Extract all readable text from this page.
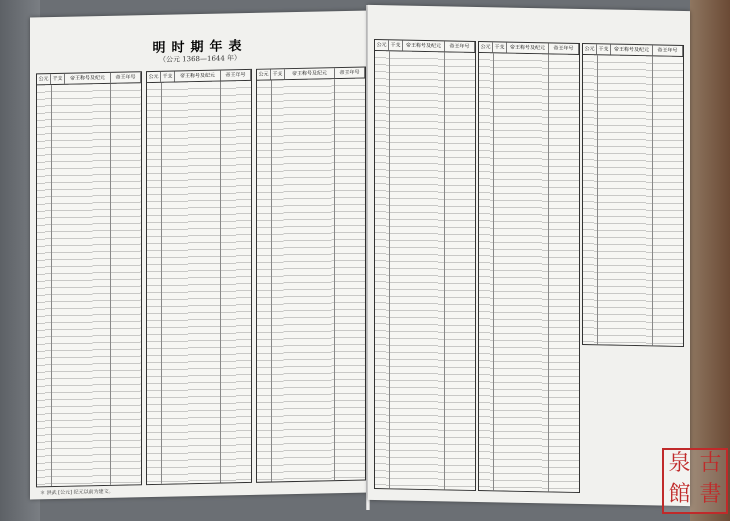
明时期年表
（公元 1368—1644 年）
公元 干支	帝王称号及纪元	帝王年号	公元 干支	帝王称号及纪元	帝王年号	公元 干支	帝王称号及纪元	帝王年号
＊ 洪武 [公元] 纪元以前为建文。
公元 干支	帝王称号及纪元	帝王年号	公元 干支	帝王称号及纪元	帝王年号	公元 干支	帝王称号及纪元	帝王年号
泉 古
館 書
